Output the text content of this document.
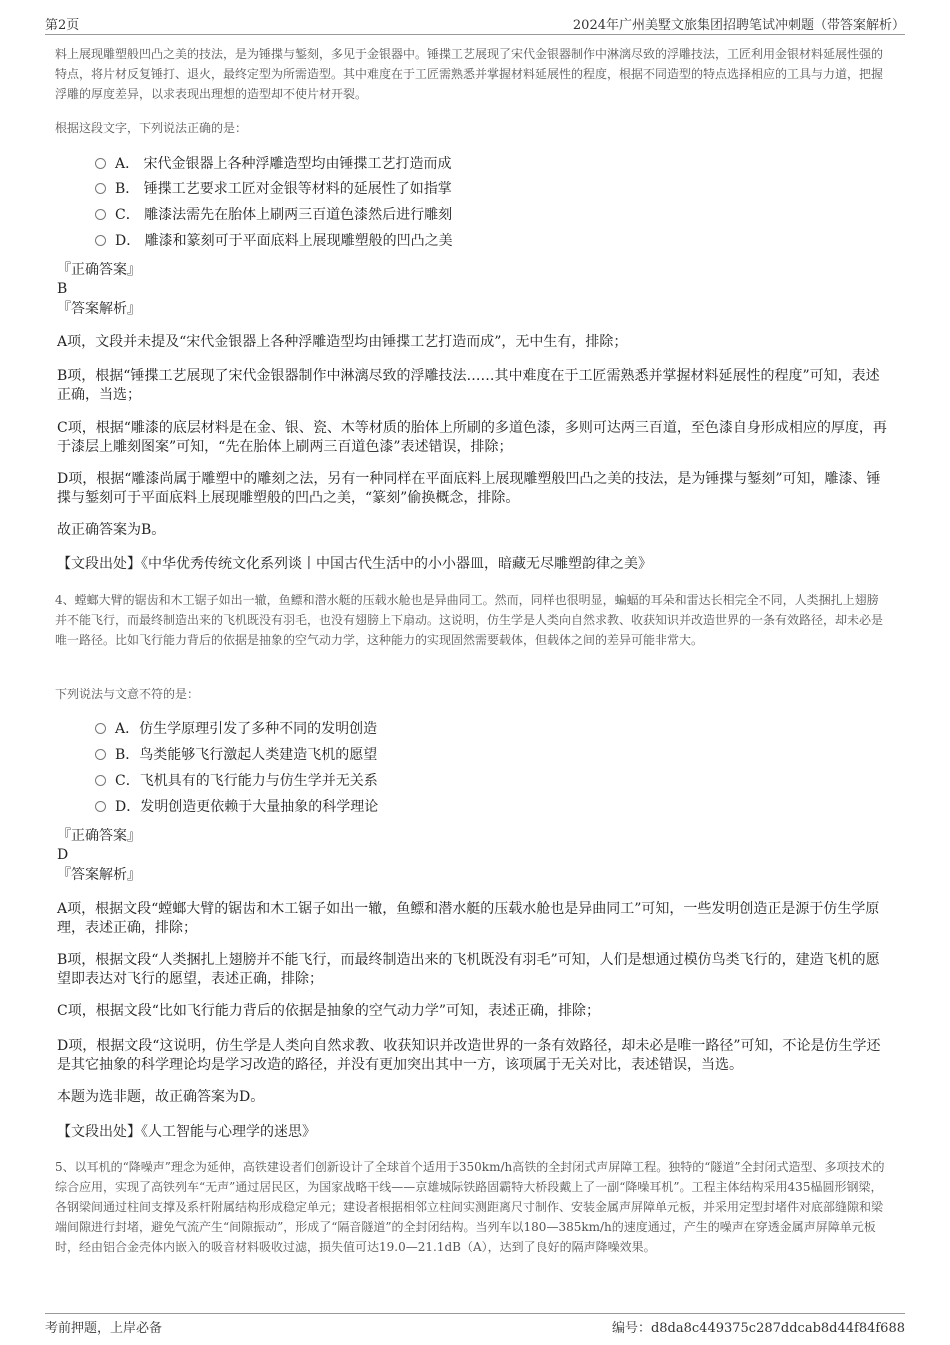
第2页	2024年广州美墅文旅集团招聘笔试冲刺题（带答案解析）
料上展现雕塑般凹凸之美的技法，是为锤揲与錾刻，多见于金银器中。锤揲工艺展现了宋代金银器制作中淋漓尽致的浮雕技法，工匠利用金银材料延展性强的特点，将片材反复锤打、退火，最终定型为所需造型。其中难度在于工匠需熟悉并掌握材料延展性的程度，根据不同造型的特点选择相应的工具与力道，把握浮雕的厚度差异，以求表现出理想的造型却不使片材开裂。
根据这段文字，下列说法正确的是：
A． 宋代金银器上各种浮雕造型均由锤揲工艺打造而成
B． 锤揲工艺要求工匠对金银等材料的延展性了如指掌
C． 雕漆法需先在胎体上刷两三百道色漆然后进行雕刻
D． 雕漆和篆刻可于平面底料上展现雕塑般的凹凸之美
『正确答案』
B
『答案解析』
A项，文段并未提及“宋代金银器上各种浮雕造型均由锤揲工艺打造而成”，无中生有，排除；
B项，根据“锤揲工艺展现了宋代金银器制作中淋漓尽致的浮雕技法……其中难度在于工匠需熟悉并掌握材料延展性的程度”可知，表述正确，当选；
C项，根据“雕漆的底层材料是在金、银、瓷、木等材质的胎体上所刷的多道色漆，多则可达两三百道，至色漆自身形成相应的厚度，再于漆层上雕刻图案”可知，“先在胎体上刷两三百道色漆”表述错误，排除；
D项，根据“雕漆尚属于雕塑中的雕刻之法，另有一种同样在平面底料上展现雕塑般凹凸之美的技法，是为锤揲与錾刻”可知，雕漆、锤揲与錾刻可于平面底料上展现雕塑般的凹凸之美，“篆刻”偷换概念，排除。
故正确答案为B。
【文段出处】《中华优秀传统文化系列谈丨中国古代生活中的小小器皿，暗藏无尽雕塑韵律之美》
4、螳螂大臂的锯齿和木工锯子如出一辙，鱼鳔和潜水艇的压载水舱也是异曲同工。然而，同样也很明显，蝙蝠的耳朵和雷达长相完全不同，人类捆扎上翅膀并不能飞行，而最终制造出来的飞机既没有羽毛，也没有翅膀上下扇动。这说明，仿生学是人类向自然求教、收获知识并改造世界的一条有效路径，却未必是唯一路径。比如飞行能力背后的依据是抽象的空气动力学，这种能力的实现固然需要载体，但载体之间的差异可能非常大。
下列说法与文意不符的是：
A．仿生学原理引发了多种不同的发明创造
B．鸟类能够飞行激起人类建造飞机的愿望
C．飞机具有的飞行能力与仿生学并无关系
D．发明创造更依赖于大量抽象的科学理论
『正确答案』
D
『答案解析』
A项，根据文段“螳螂大臂的锯齿和木工锯子如出一辙，鱼鳔和潜水艇的压载水舱也是异曲同工”可知，一些发明创造正是源于仿生学原理，表述正确，排除；
B项，根据文段“人类捆扎上翅膀并不能飞行，而最终制造出来的飞机既没有羽毛”可知，人们是想通过模仿鸟类飞行的，建造飞机的愿望即表达对飞行的愿望，表述正确，排除；
C项，根据文段“比如飞行能力背后的依据是抽象的空气动力学”可知，表述正确，排除；
D项，根据文段“这说明，仿生学是人类向自然求教、收获知识并改造世界的一条有效路径，却未必是唯一路径”可知，不论是仿生学还是其它抽象的科学理论均是学习改造的路径，并没有更加突出其中一方，该项属于无关对比，表述错误，当选。
本题为选非题，故正确答案为D。
【文段出处】《人工智能与心理学的迷思》
5、以耳机的“降噪声”理念为延伸，高铁建设者们创新设计了全球首个适用于350km/h高铁的全封闭式声屏障工程。独特的“隧道”全封闭式造型、多项技术的综合应用，实现了高铁列车“无声”通过居民区，为国家战略干线——京雄城际铁路固霸特大桥段戴上了一副“降噪耳机”。工程主体结构采用435榀圆形钢梁，各钢梁间通过柱间支撑及系杆附属结构形成稳定单元；建设者根据相邻立柱间实测距离尺寸制作、安装金属声屏障单元板，并采用定型封堵件对底部缝隙和梁端间隙进行封堵，避免气流产生“间隙振动”，形成了“隔音隧道”的全封闭结构。当列车以180—385km/h的速度通过，产生的噪声在穿透金属声屏障单元板时，经由铝合金壳体内嵌入的吸音材料吸收过滤，损失值可达19.0—21.1dB（A），达到了良好的隔声降噪效果。
考前押题，上岸必备	编号：d8da8c449375c287ddcab8d44f84f688
